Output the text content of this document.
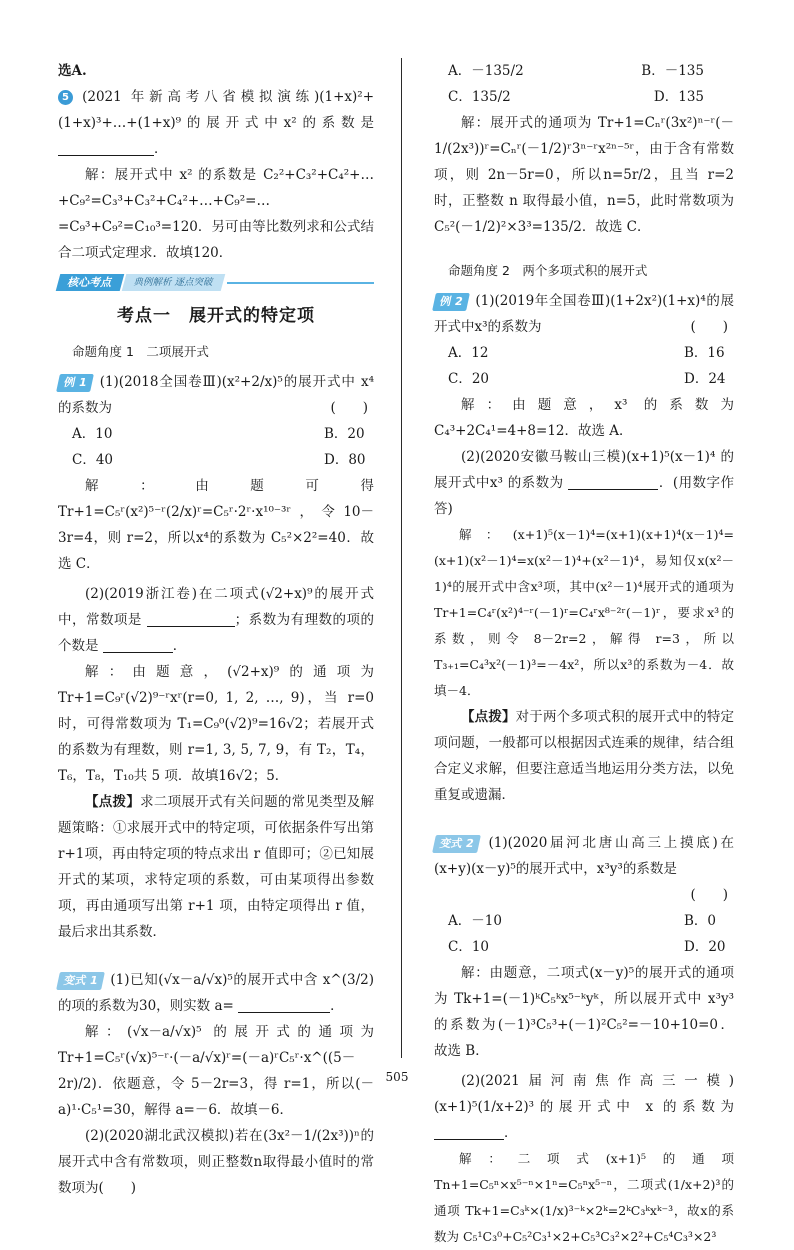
选A.

5 (2021 年新高考八省模拟演练)(1+x)²+(1+x)³+…+(1+x)⁹的展开式中x²的系数是 ．

解：展开式中 x² 的系数是 C₂²+C₃²+C₄²+…+C₉²=C₃³+C₃²+C₄²+…+C₉²=…=C₉³+C₉²=C₁₀³=120．另可由等比数列求和公式结合二项式定理求．故填120．

核心考点	典例解析 逐点突破
考点一　展开式的特定项
命题角度 1　二项展开式

例 1 (1)(2018全国卷Ⅲ)(x²+2/x)⁵的展开式中 x⁴ 的系数为	(　　)
A．10	B．20
C．40	D．80

解：由题可得 Tr+1=C₅ʳ(x²)⁵⁻ʳ(2/x)ʳ=C₅ʳ·2ʳ·x¹⁰⁻³ʳ，令10－3r=4，则 r=2，所以x⁴的系数为 C₅²×2²=40．故选 C．

(2)(2019浙江卷)在二项式(√2+x)⁹的展开式中，常数项是	；系数为有理数的项的个数是	．

解：由题意，(√2+x)⁹的通项为 Tr+1=C₉ʳ(√2)⁹⁻ʳxʳ(r=0, 1, 2, …, 9)，当 r=0时，可得常数项为 T₁=C₉⁰(√2)⁹=16√2；若展开式的系数为有理数，则 r=1, 3, 5, 7, 9，有 T₂，T₄，T₆，T₈，T₁₀共 5 项．故填16√2；5．

【点拨】求二项展开式有关问题的常见类型及解题策略：①求展开式中的特定项，可依据条件写出第 r+1项，再由特定项的特点求出 r 值即可；②已知展开式的某项，求特定项的系数，可由某项得出参数项，再由通项写出第 r+1 项，由特定项得出 r 值，最后求出其系数．

变式 1 (1)已知(√x－a/√x)⁵的展开式中含 x^(3/2) 的项的系数为30，则实数 a=	．

解：(√x－a/√x)⁵ 的展开式的通项为 Tr+1=C₅ʳ(√x)⁵⁻ʳ·(－a/√x)ʳ=(－a)ʳC₅ʳ·x^((5－2r)/2)．依题意，令 5－2r=3，得 r=1，所以(－a)¹·C₅¹=30，解得 a=－6．故填－6．

(2)(2020湖北武汉模拟)若在(3x²－1/(2x³))ⁿ的展开式中含有常数项，则正整数n取得最小值时的常数项为(　　)

A．－135/2	B．－135
C．135/2	D．135

解：展开式的通项为 Tr+1=Cₙʳ(3x²)ⁿ⁻ʳ(－1/(2x³))ʳ=Cₙʳ(－1/2)ʳ3ⁿ⁻ʳx²ⁿ⁻⁵ʳ，由于含有常数项，则 2n－5r=0，所以n=5r/2，且当 r=2 时，正整数 n 取得最小值，n=5，此时常数项为 C₅²(－1/2)²×3³=135/2．故选 C．

命题角度 2　两个多项式积的展开式

例 2 (1)(2019年全国卷Ⅲ)(1+2x²)(1+x)⁴的展开式中x³的系数为	(　　)
A．12	B．16
C．20	D．24

解：由题意，x³ 的系数为 C₄³+2C₄¹=4+8=12．故选 A．

(2)(2020安徽马鞍山三模)(x+1)⁵(x－1)⁴ 的展开式中x³ 的系数为	．(用数字作答)

解：(x+1)⁵(x－1)⁴=(x+1)(x+1)⁴(x－1)⁴=(x+1)(x²－1)⁴=x(x²－1)⁴+(x²－1)⁴，易知仅x(x²－1)⁴的展开式中含x³项，其中(x²－1)⁴展开式的通项为 Tr+1=C₄ʳ(x²)⁴⁻ʳ(－1)ʳ=C₄ʳx⁸⁻²ʳ(－1)ʳ，要求x³的系数，则令 8－2r=2，解得 r=3，所以 T₃₊₁=C₄³x²(－1)³=－4x²，所以x³的系数为－4．故填－4．

【点拨】对于两个多项式积的展开式中的特定项问题，一般都可以根据因式连乘的规律，结合组合定义求解，但要注意适当地运用分类方法，以免重复或遗漏．

变式 2 (1)(2020届河北唐山高三上摸底)在(x+y)(x－y)⁵的展开式中，x³y³的系数是

(　　)
A．－10	B．0
C．10	D．20

解：由题意，二项式(x－y)⁵的展开式的通项为 Tk+1=(－1)ᵏC₅ᵏx⁵⁻ᵏyᵏ，所以展开式中 x³y³的系数为(－1)³C₅³+(－1)²C₅²=－10+10=0．故选 B．

(2)(2021届河南焦作高三一模)(x+1)⁵(1/x+2)³的展开式中 x 的系数为 ．

解：二项式(x+1)⁵的通项 Tn+1=C₅ⁿ×x⁵⁻ⁿ×1ⁿ=C₅ⁿx⁵⁻ⁿ，二项式(1/x+2)³的通项 Tk+1=C₃ᵏ×(1/x)³⁻ᵏ×2ᵏ=2ᵏC₃ᵏxᵏ⁻³，故x的系数为 C₅¹C₃⁰+C₅²C₃¹×2+C₅³C₃²×2²+C₅⁴C₃³×2³

505
